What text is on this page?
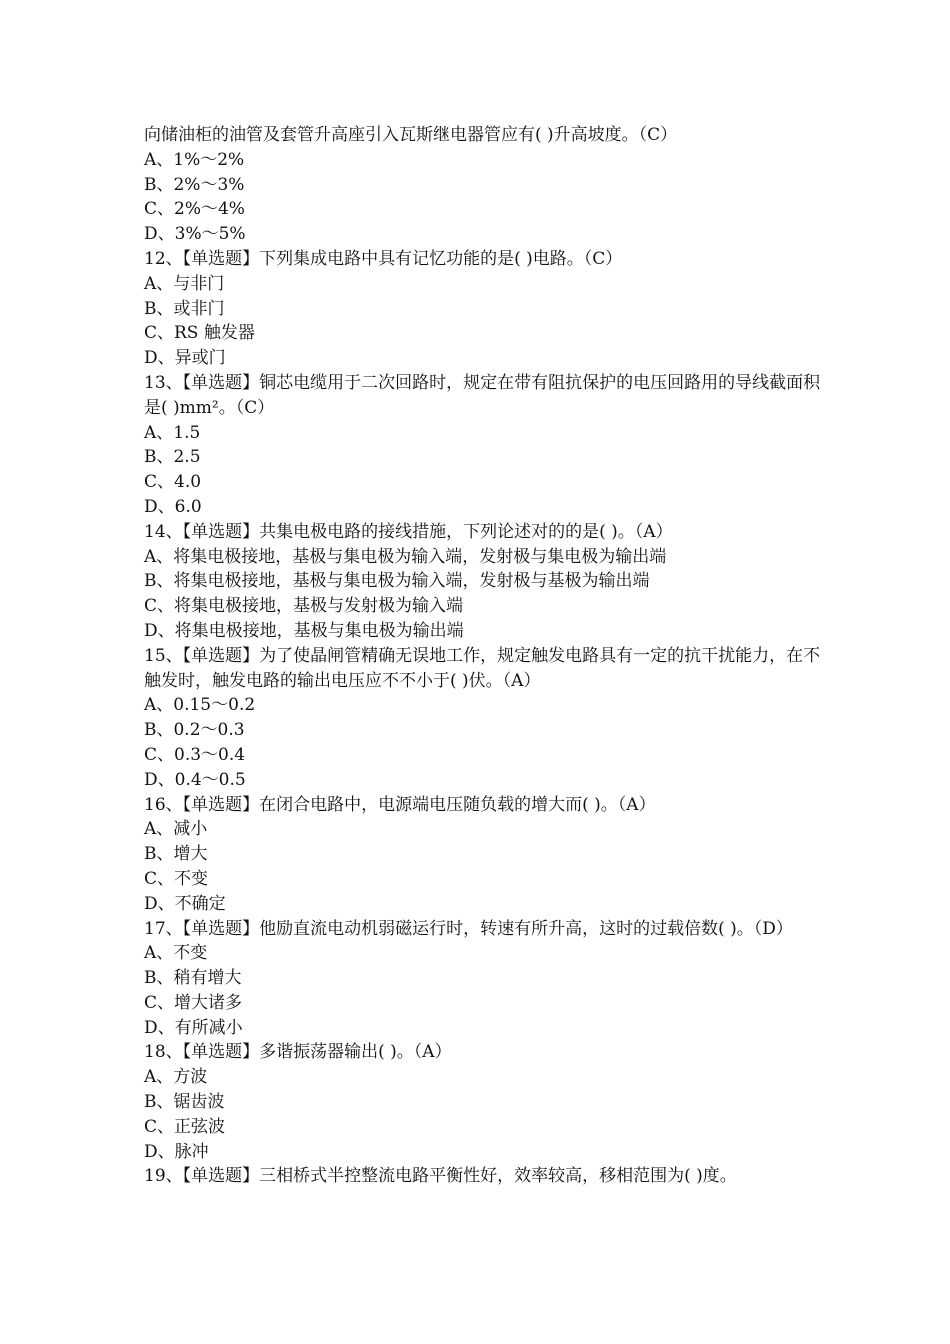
向储油柜的油管及套管升高座引入瓦斯继电器管应有( )升高坡度。（C）
A、1%～2%
B、2%～3%
C、2%～4%
D、3%～5%
12、【单选题】下列集成电路中具有记忆功能的是( )电路。（C）
A、与非门
B、或非门
C、RS 触发器
D、异或门
13、【单选题】铜芯电缆用于二次回路时，规定在带有阻抗保护的电压回路用的导线截面积是( )mm²。（C）
A、1.5
B、2.5
C、4.0
D、6.0
14、【单选题】共集电极电路的接线措施，下列论述对的的是( )。（A）
A、将集电极接地，基极与集电极为输入端，发射极与集电极为输出端
B、将集电极接地，基极与集电极为输入端，发射极与基极为输出端
C、将集电极接地，基极与发射极为输入端
D、将集电极接地，基极与集电极为输出端
15、【单选题】为了使晶闸管精确无误地工作，规定触发电路具有一定的抗干扰能力，在不触发时，触发电路的输出电压应不不小于( )伏。（A）
A、0.15～0.2
B、0.2～0.3
C、0.3～0.4
D、0.4～0.5
16、【单选题】在闭合电路中，电源端电压随负载的增大而( )。（A）
A、减小
B、增大
C、不变
D、不确定
17、【单选题】他励直流电动机弱磁运行时，转速有所升高，这时的过载倍数( )。（D）
A、不变
B、稍有增大
C、增大诸多
D、有所减小
18、【单选题】多谐振荡器输出( )。（A）
A、方波
B、锯齿波
C、正弦波
D、脉冲
19、【单选题】三相桥式半控整流电路平衡性好，效率较高，移相范围为( )度。
